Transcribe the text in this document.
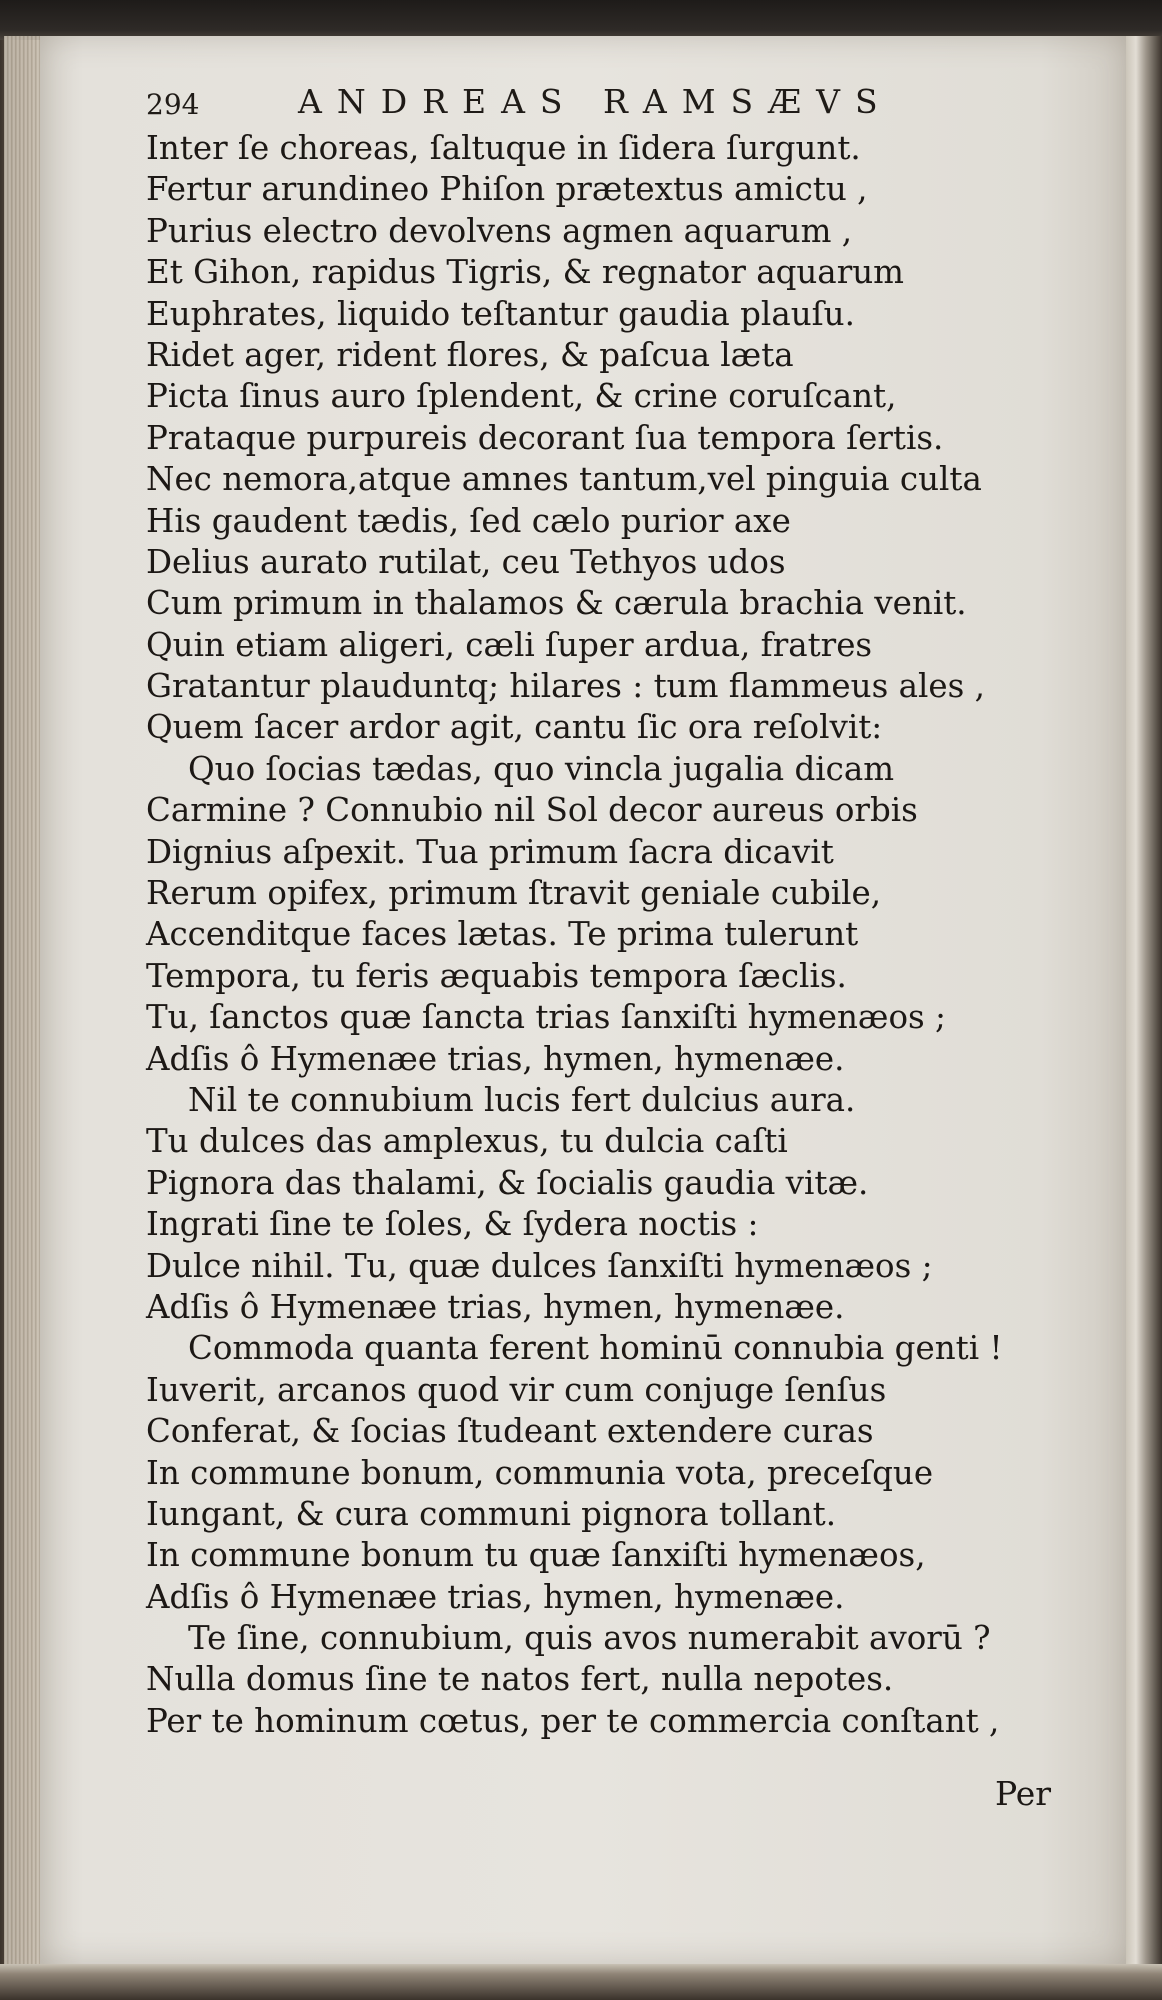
294	ANDREAS RAMSÆVS
Inter ſe choreas, ſaltuque in ſidera ſurgunt.
Fertur arundineo Phiſon prætextus amictu ,
Purius electro devolvens agmen aquarum ,
Et Gihon, rapidus Tigris, & regnator aquarum
Euphrates, liquido teſtantur gaudia plauſu.
Ridet ager, rident flores, & paſcua læta
Picta ſinus auro ſplendent, & crine coruſcant,
Prataque purpureis decorant ſua tempora ſertis.
Nec nemora,atque amnes tantum,vel pinguia culta
His gaudent tædis, ſed cælo purior axe
Delius aurato rutilat, ceu Tethyos udos
Cum primum in thalamos & cærula brachia venit.
Quin etiam aligeri, cæli ſuper ardua, fratres
Gratantur plauduntq; hilares : tum flammeus ales ,
Quem ſacer ardor agit, cantu ſic ora reſolvit:
Quo ſocias tædas, quo vincla jugalia dicam
Carmine ? Connubio nil Sol decor aureus orbis
Dignius aſpexit. Tua primum ſacra dicavit
Rerum opifex, primum ſtravit geniale cubile,
Accenditque faces lætas. Te prima tulerunt
Tempora, tu feris æquabis tempora ſæclis.
Tu, ſanctos quæ ſancta trias ſanxiſti hymenæos ;
Adſis ô Hymenæe trias, hymen, hymenæe.
Nil te connubium lucis fert dulcius aura.
Tu dulces das amplexus, tu dulcia caſti
Pignora das thalami, & ſocialis gaudia vitæ.
Ingrati ſine te ſoles, & ſydera noctis :
Dulce nihil. Tu, quæ dulces ſanxiſti hymenæos ;
Adſis ô Hymenæe trias, hymen, hymenæe.
Commoda quanta ferent hominū connubia genti !
Iuverit, arcanos quod vir cum conjuge ſenſus
Conferat, & ſocias ſtudeant extendere curas
In commune bonum, communia vota, preceſque
Iungant, & cura communi pignora tollant.
In commune bonum tu quæ ſanxiſti hymenæos,
Adſis ô Hymenæe trias, hymen, hymenæe.
Te ſine, connubium, quis avos numerabit avorū ?
Nulla domus ſine te natos fert, nulla nepotes.
Per te hominum cœtus, per te commercia conſtant ,
Per
